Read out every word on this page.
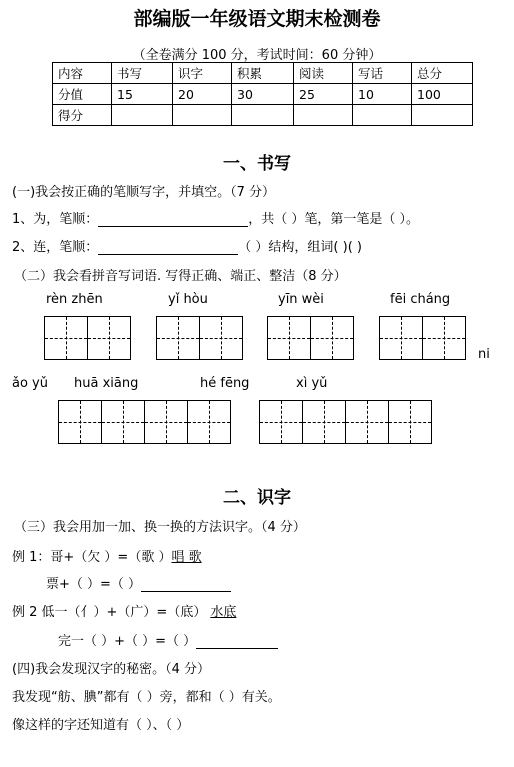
部编版一年级语文期末检测卷
（全卷满分 100 分，考试时间：60 分钟）
内容	书写	识字	积累	阅读	写话	总分
分值	15	20	30	25	10	100
得分						
一、书写
(一)我会按正确的笔顺写字，并填空。（7 分）
1、为，笔顺：	，共（ ）笔，第一笔是（ ）。
2、连，笔顺：	（ ）结构，组词( )( )
（二）我会看拼音写词语. 写得正确、端正、整洁（8 分）
rèn zhēn	yǐ hòu	yīn wèi	fēi cháng
ni
ǎo yǔ huā xiāng	hé fēng	xì yǔ
二、识字
（三）我会用加一加、换一换的方法识字。（4 分）
例 1：哥+（欠 ）=（歌 ）唱 歌
票+（ ）=（ ）
例 2 低一（亻）+（广）=（底） 水底
完一（ ）+（ ）=（ ）
(四)我会发现汉字的秘密。（4 分）
我发现“舫、腆”都有（ ）旁，都和（ ）有关。
像这样的字还知道有（ ）、（ ）
